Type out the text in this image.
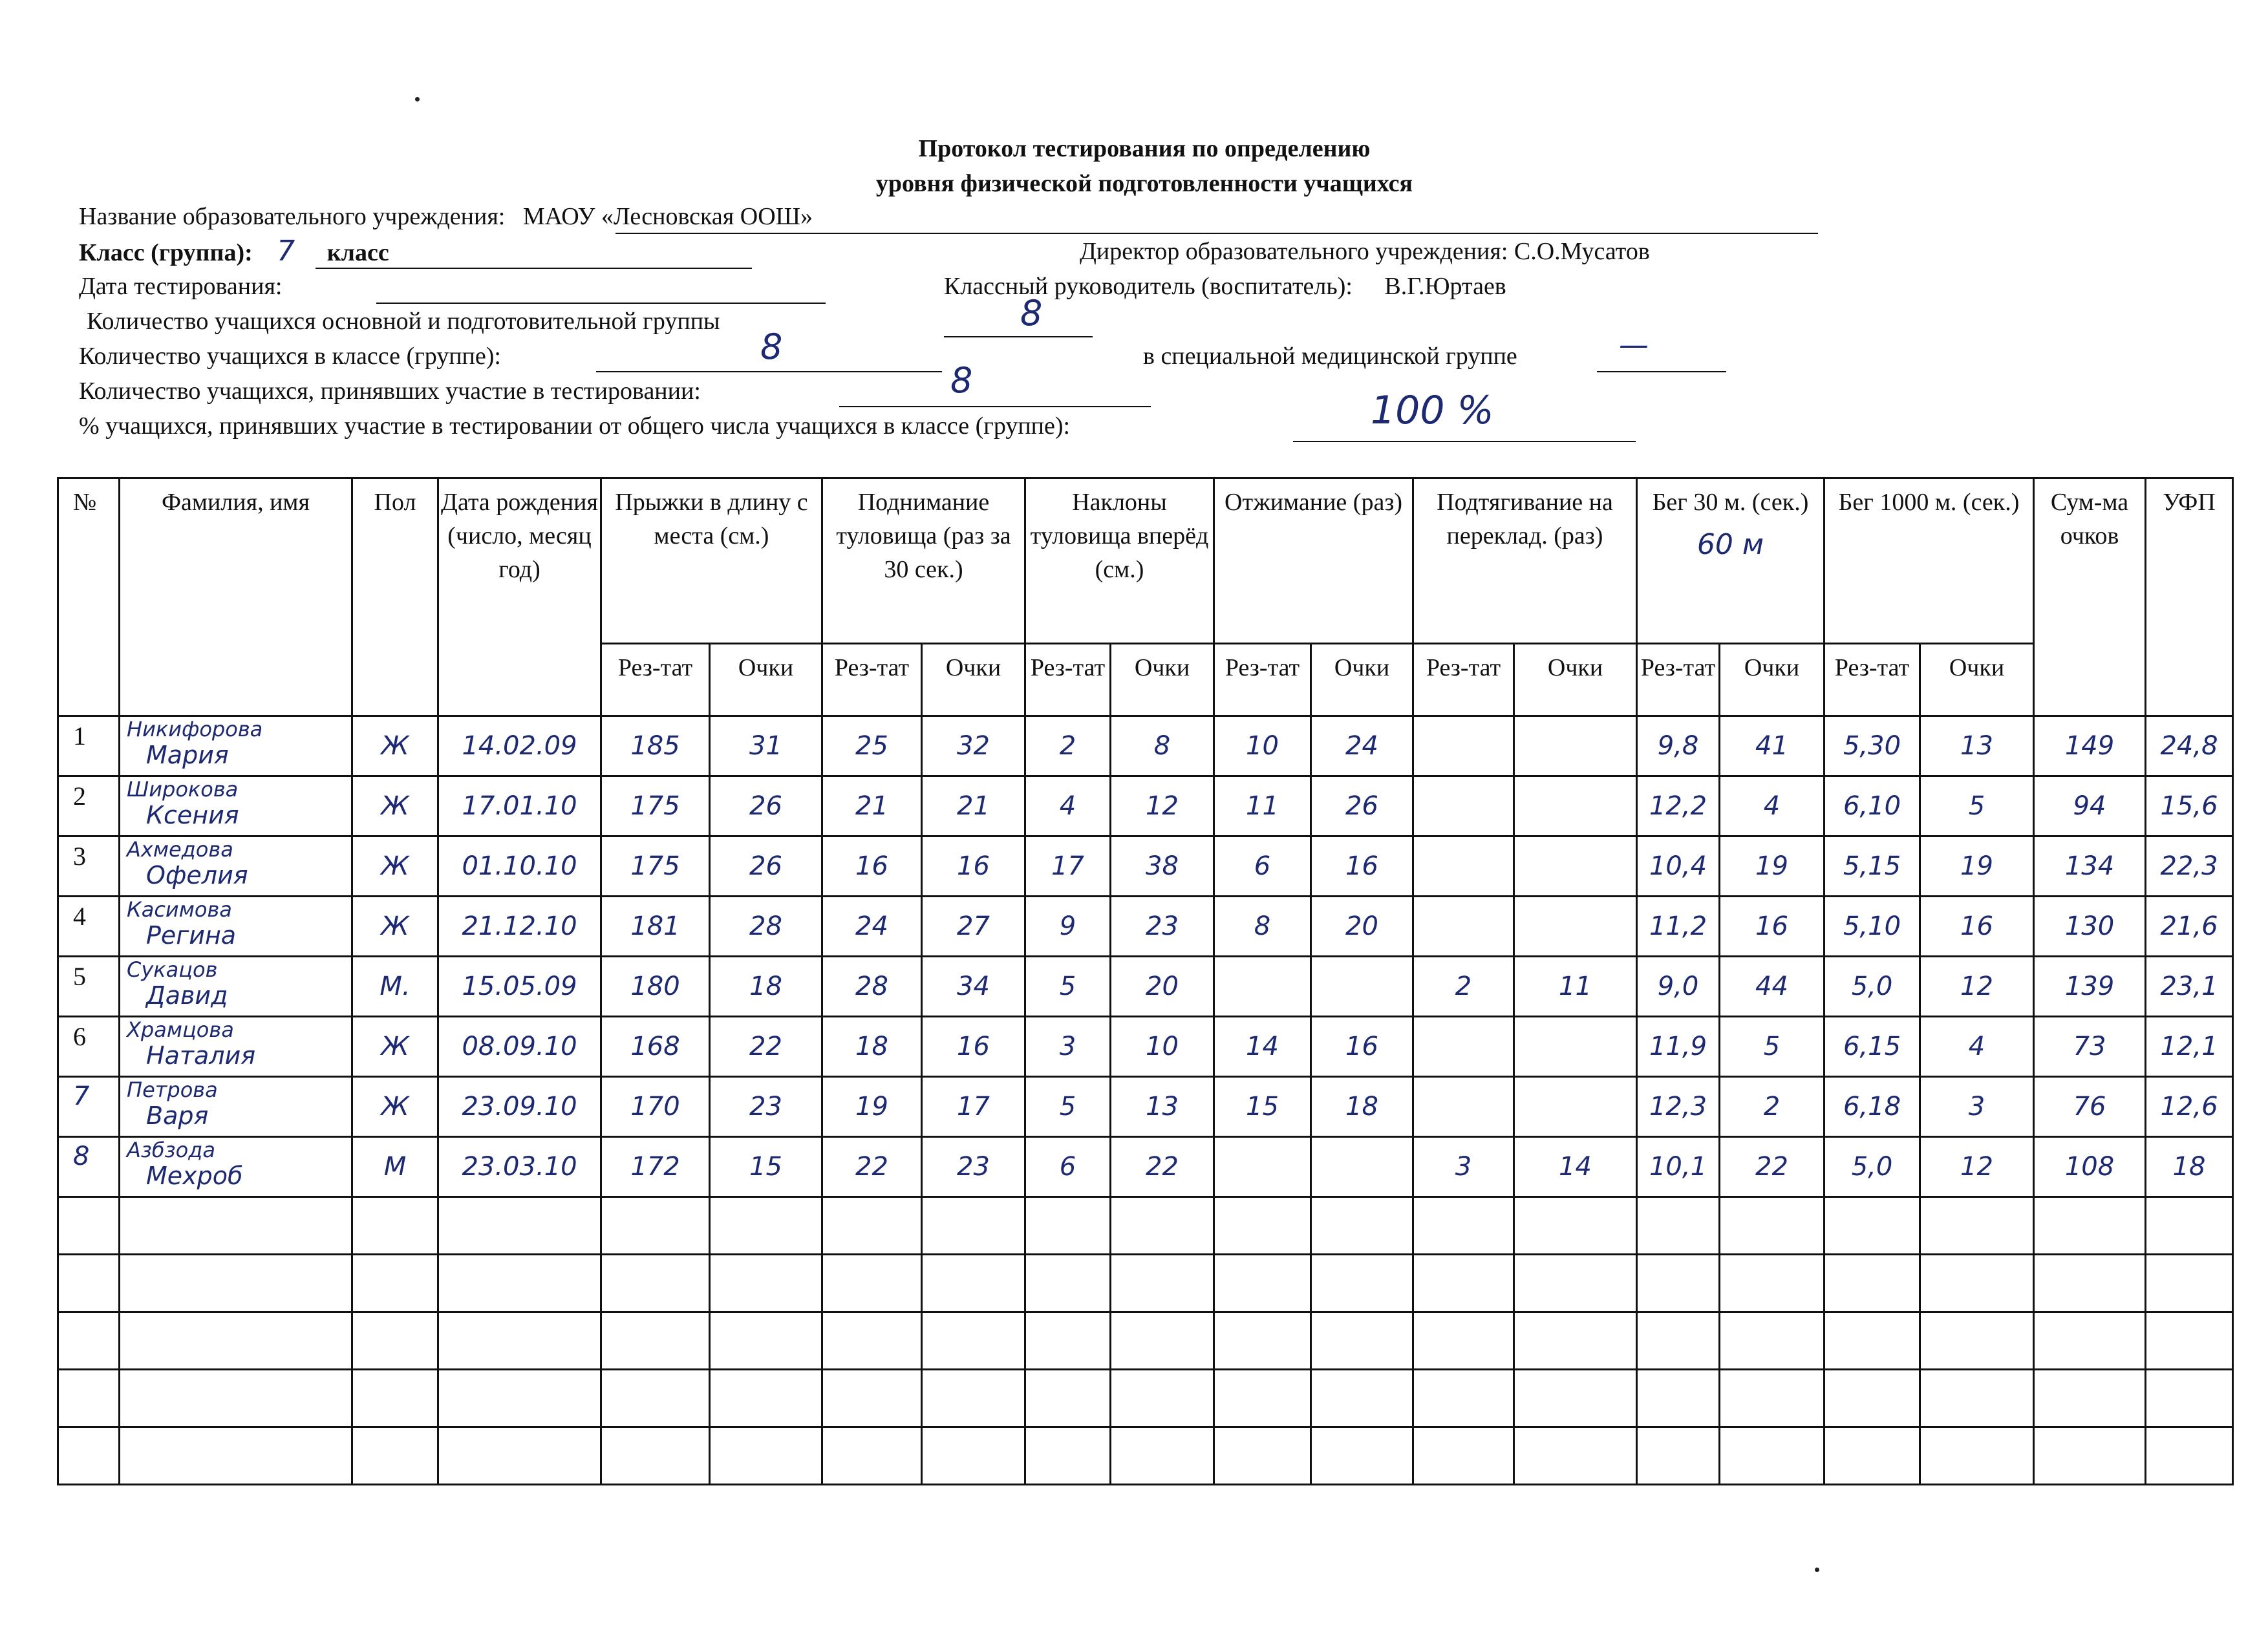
Протокол тестирования по определению
уровня физической подготовленности учащихся
Название образовательного учреждения: МАОУ «Лесновская ООШ»
Класс (группа): 7 класс	Директор образовательного учреждения: С.О.Мусатов
Дата тестирования:	Классный руководитель (воспитатель): В.Г.Юртаев
Количество учащихся основной и подготовительной группы	8
Количество учащихся в классе (группе):	8	в специальной медицинской группе	—
Количество учащихся, принявших участие в тестировании:	8
% учащихся, принявших участие в тестировании от общего числа учащихся в классе (группе):	100 %
№	Фамилия, имя	Пол	Дата рождения (число, месяц год)	Прыжки в длину с места (см.)		Поднимание туловища (раз за 30 сек.)		Наклоны туловища вперёд (см.)		Отжимание (раз)		Подтягивание на переклад. (раз)		Бег 30 м. (сек.)
60 м		Бег 1000 м. (сек.)		Сум-ма очков	УФП
				Рез-тат	Очки	Рез-тат	Очки	Рез-тат	Очки	Рез-тат	Очки	Рез-тат	Очки	Рез-тат	Очки	Рез-тат	Очки		
1	Никифорова
Мария	Ж	14.02.09	185	31	25	32	2	8	10	24			9,8	41	5,30	13	149	24,8
2	Широкова
Ксения	Ж	17.01.10	175	26	21	21	4	12	11	26			12,2	4	6,10	5	94	15,6
3	Ахмедова
Офелия	Ж	01.10.10	175	26	16	16	17	38	6	16			10,4	19	5,15	19	134	22,3
4	Касимова
Регина	Ж	21.12.10	181	28	24	27	9	23	8	20			11,2	16	5,10	16	130	21,6
5	Сукацов
Давид	М.	15.05.09	180	18	28	34	5	20			2	11	9,0	44	5,0	12	139	23,1
6	Храмцова
Наталия	Ж	08.09.10	168	22	18	16	3	10	14	16			11,9	5	6,15	4	73	12,1
7	Петрова
Варя	Ж	23.09.10	170	23	19	17	5	13	15	18			12,3	2	6,18	3	76	12,6
8	Азбзода
Мехроб	М	23.03.10	172	15	22	23	6	22			3	14	10,1	22	5,0	12	108	18
